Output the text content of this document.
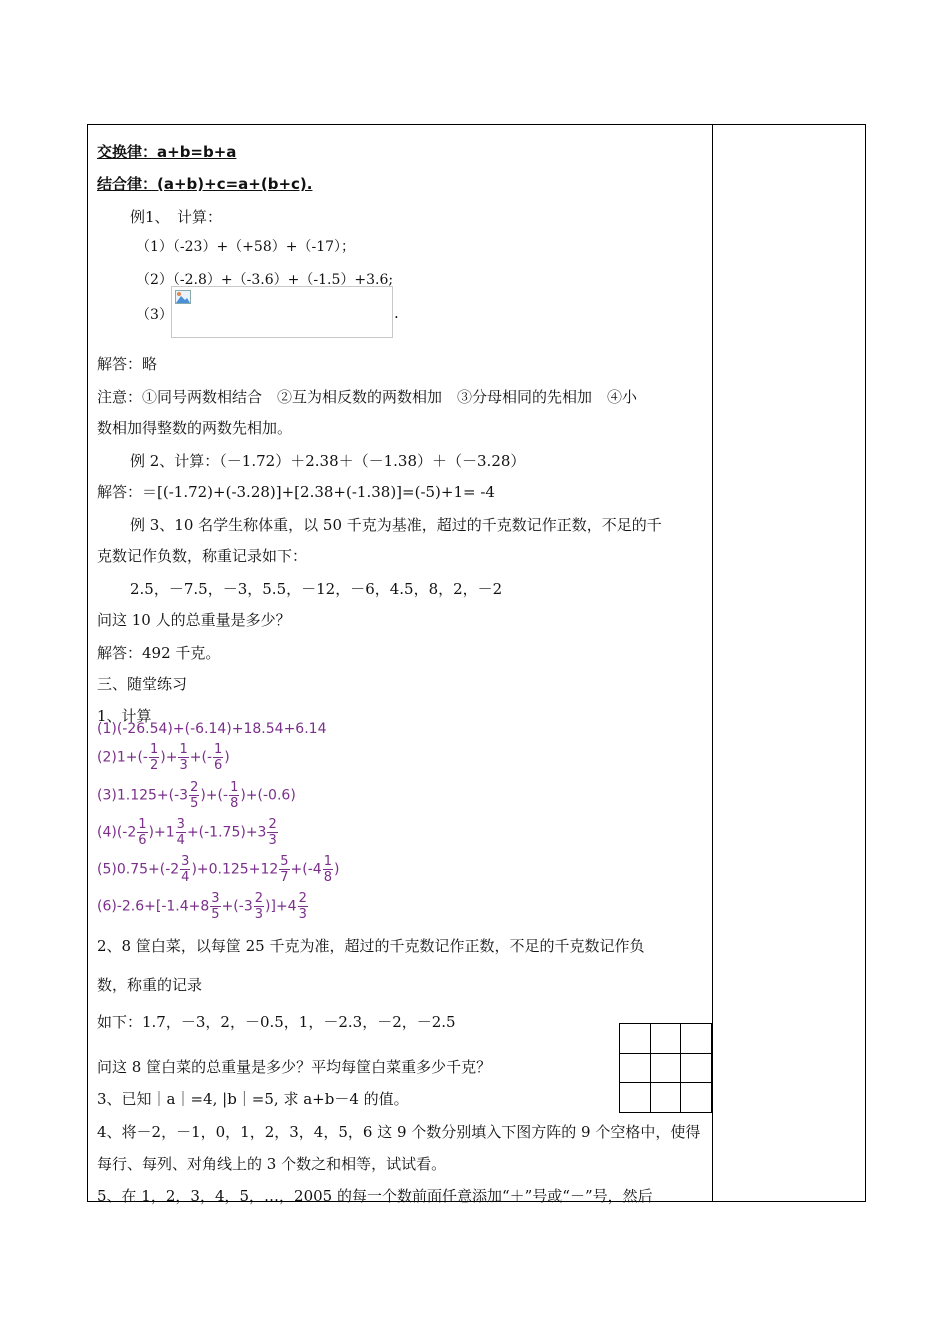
交换律：a+b=b+a
结合律：(a+b)+c=a+(b+c).
例1、　计算：
（1）（-23）+（+58）+（-17）；
（2）（-2.8）+（-3.6）+（-1.5）+3.6;
（3）	.
解答：略
注意：①同号两数相结合　②互为相反数的两数相加　③分母相同的先相加　④小
数相加得整数的两数先相加。
例 2、计算：（－1.72）＋2.38＋（－1.38）＋（－3.28）
解答：＝[(-1.72)+(-3.28)]+[2.38+(-1.38)]=(-5)+1= -4
例 3、10 名学生称体重，以 50 千克为基准，超过的千克数记作正数，不足的千
克数记作负数，称重记录如下：
2.5，－7.5，－3，5.5，－12，－6，4.5，8，2，－2
问这 10 人的总重量是多少？
解答：492 千克。
三、随堂练习
1、计算
(1)(-26.54)+(-6.14)+18.54+6.14
$(2)1+(- \frac{1}{2}$ )+ $\frac{1}{3}$ +(- $\frac{1}{6}$ )
$(3)1.125+(-3 \frac{2}{5}$ )+(- $\frac{1}{8} )+(-0.6)$
$(4)(-2 \frac{1}{6} )+1 \frac{3}{4} +(-1.75)+3 \frac{2}{3}$
$(5)0.75+(-2 \frac{3}{4} )+0.125+12 \frac{5}{7} +(-4 \frac{1}{8}$ )
$(6)-2.6+[-1.4+8 \frac{3}{5} +(-3 \frac{2}{3} )]+4 \frac{2}{3}$
2、8 筐白菜，以每筐 25 千克为准，超过的千克数记作正数，不足的千克数记作负
数，称重的记录
如下：1.7，－3，2，－0.5，1，－2.3，－2，－2.5
问这 8 筐白菜的总重量是多少？平均每筐白菜重多少千克？
3、已知｜a｜=4, |b｜=5, 求 a+b－4 的值。
4、将－2，－1，0，1，2，3，4，5，6 这 9 个数分别填入下图方阵的 9 个空格中，使得
每行、每列、对角线上的 3 个数之和相等，试试看。
5、在 1，2，3，4，5，…，2005 的每一个数前面任意添加“＋”号或“－”号，然后
